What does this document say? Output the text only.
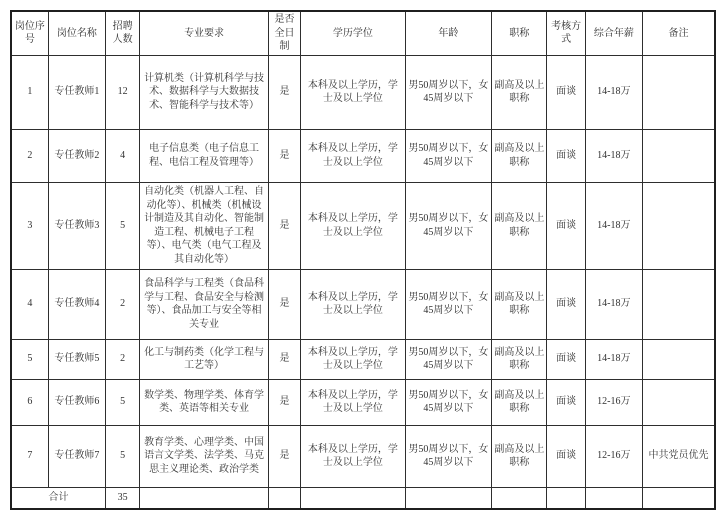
岗位序号	岗位名称	招聘人数	专业要求	是否全日制	学历学位	年龄	职称	考核方式	综合年薪	备注
1	专任教师1	12	计算机类（计算机科学与技术、数据科学与大数据技术、智能科学与技术等）	是	本科及以上学历，学士及以上学位	男50周岁以下，女45周岁以下	副高及以上职称	面谈	14-18万	
2	专任教师2	4	电子信息类（电子信息工程、电信工程及管理等）	是	本科及以上学历，学士及以上学位	男50周岁以下，女45周岁以下	副高及以上职称	面谈	14-18万	
3	专任教师3	5	自动化类（机器人工程、自动化等）、机械类（机械设计制造及其自动化、智能制造工程、机械电子工程等）、电气类（电气工程及其自动化等）	是	本科及以上学历，学士及以上学位	男50周岁以下，女45周岁以下	副高及以上职称	面谈	14-18万	
4	专任教师4	2	食品科学与工程类（食品科学与工程、食品安全与检测等）、食品加工与安全等相关专业	是	本科及以上学历，学士及以上学位	男50周岁以下，女45周岁以下	副高及以上职称	面谈	14-18万	
5	专任教师5	2	化工与制药类（化学工程与工艺等）	是	本科及以上学历，学士及以上学位	男50周岁以下，女45周岁以下	副高及以上职称	面谈	14-18万	
6	专任教师6	5	数学类、物理学类、体育学类、英语等相关专业	是	本科及以上学历，学士及以上学位	男50周岁以下，女45周岁以下	副高及以上职称	面谈	12-16万	
7	专任教师7	5	教育学类、心理学类、中国语言文学类、法学类、马克思主义理论类、政治学类	是	本科及以上学历，学士及以上学位	男50周岁以下，女45周岁以下	副高及以上职称	面谈	12-16万	中共党员优先
合计		35								
